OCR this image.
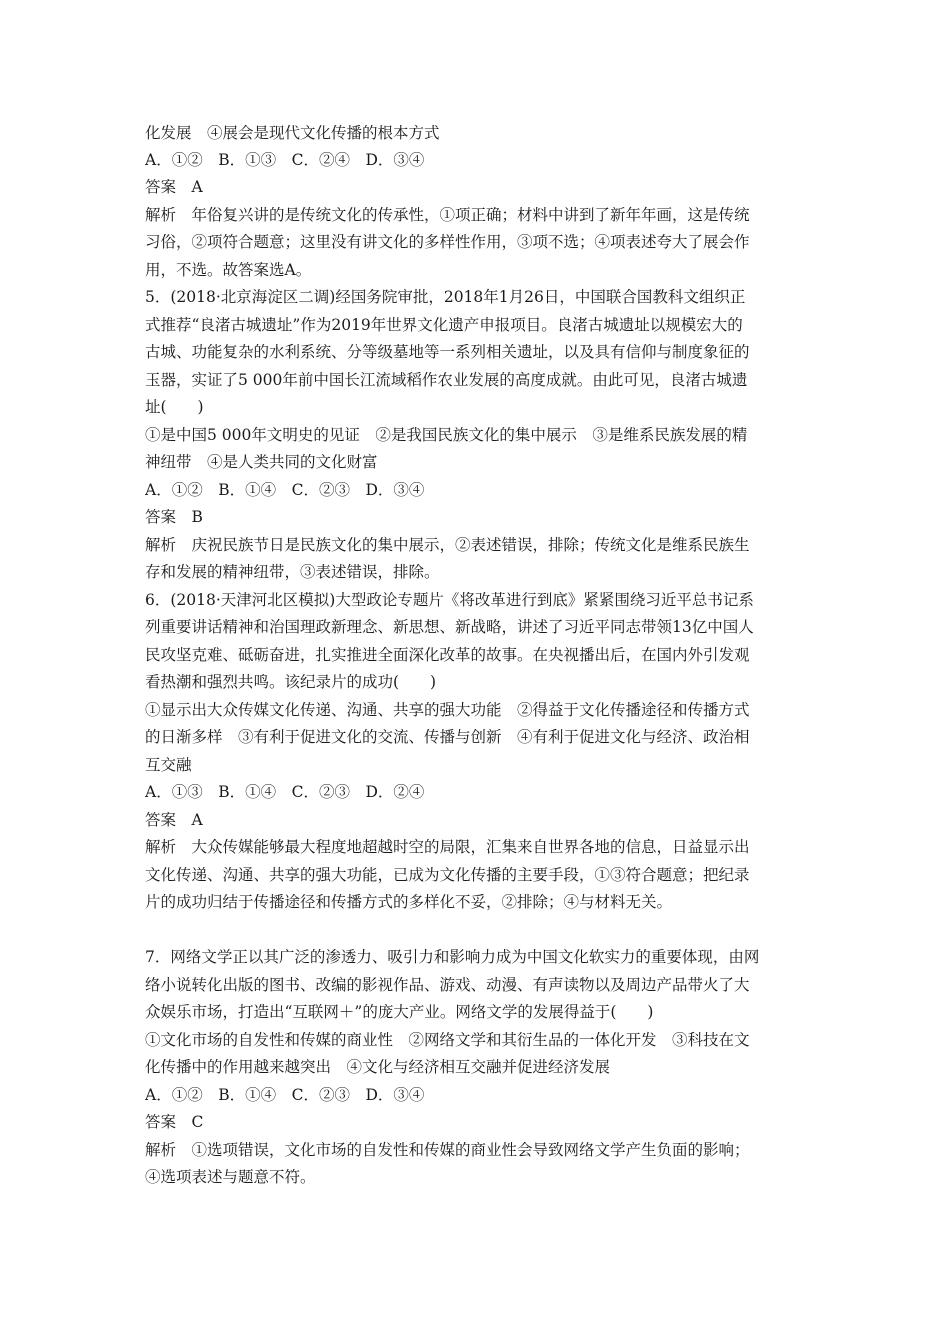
化发展　④展会是现代文化传播的根本方式
A．①②　B．①③　C．②④　D．③④
答案　A
解析　年俗复兴讲的是传统文化的传承性，①项正确；材料中讲到了新年年画，这是传统
习俗，②项符合题意；这里没有讲文化的多样性作用，③项不选；④项表述夸大了展会作
用，不选。故答案选A。
5．(2018·北京海淀区二调)经国务院审批，2018年1月26日，中国联合国教科文组织正
式推荐“良渚古城遗址”作为2019年世界文化遗产申报项目。良渚古城遗址以规模宏大的
古城、功能复杂的水利系统、分等级墓地等一系列相关遗址，以及具有信仰与制度象征的
玉器，实证了5 000年前中国长江流域稻作农业发展的高度成就。由此可见，良渚古城遗
址(　　)
①是中国5 000年文明史的见证　②是我国民族文化的集中展示　③是维系民族发展的精
神纽带　④是人类共同的文化财富
A．①②　B．①④　C．②③　D．③④
答案　B
解析　庆祝民族节日是民族文化的集中展示，②表述错误，排除；传统文化是维系民族生
存和发展的精神纽带，③表述错误，排除。
6．(2018·天津河北区模拟)大型政论专题片《将改革进行到底》紧紧围绕习近平总书记系
列重要讲话精神和治国理政新理念、新思想、新战略，讲述了习近平同志带领13亿中国人
民攻坚克难、砥砺奋进，扎实推进全面深化改革的故事。在央视播出后，在国内外引发观
看热潮和强烈共鸣。该纪录片的成功(　　)
①显示出大众传媒文化传递、沟通、共享的强大功能　②得益于文化传播途径和传播方式
的日渐多样　③有利于促进文化的交流、传播与创新　④有利于促进文化与经济、政治相
互交融
A．①③　B．①④　C．②③　D．②④
答案　A
解析　大众传媒能够最大程度地超越时空的局限，汇集来自世界各地的信息，日益显示出
文化传递、沟通、共享的强大功能，已成为文化传播的主要手段，①③符合题意；把纪录
片的成功归结于传播途径和传播方式的多样化不妥，②排除；④与材料无关。
7．网络文学正以其广泛的渗透力、吸引力和影响力成为中国文化软实力的重要体现，由网
络小说转化出版的图书、改编的影视作品、游戏、动漫、有声读物以及周边产品带火了大
众娱乐市场，打造出“互联网＋”的庞大产业。网络文学的发展得益于(　　)
①文化市场的自发性和传媒的商业性　②网络文学和其衍生品的一体化开发　③科技在文
化传播中的作用越来越突出　④文化与经济相互交融并促进经济发展
A．①②　B．①④　C．②③　D．③④
答案　C
解析　①选项错误，文化市场的自发性和传媒的商业性会导致网络文学产生负面的影响；
④选项表述与题意不符。
